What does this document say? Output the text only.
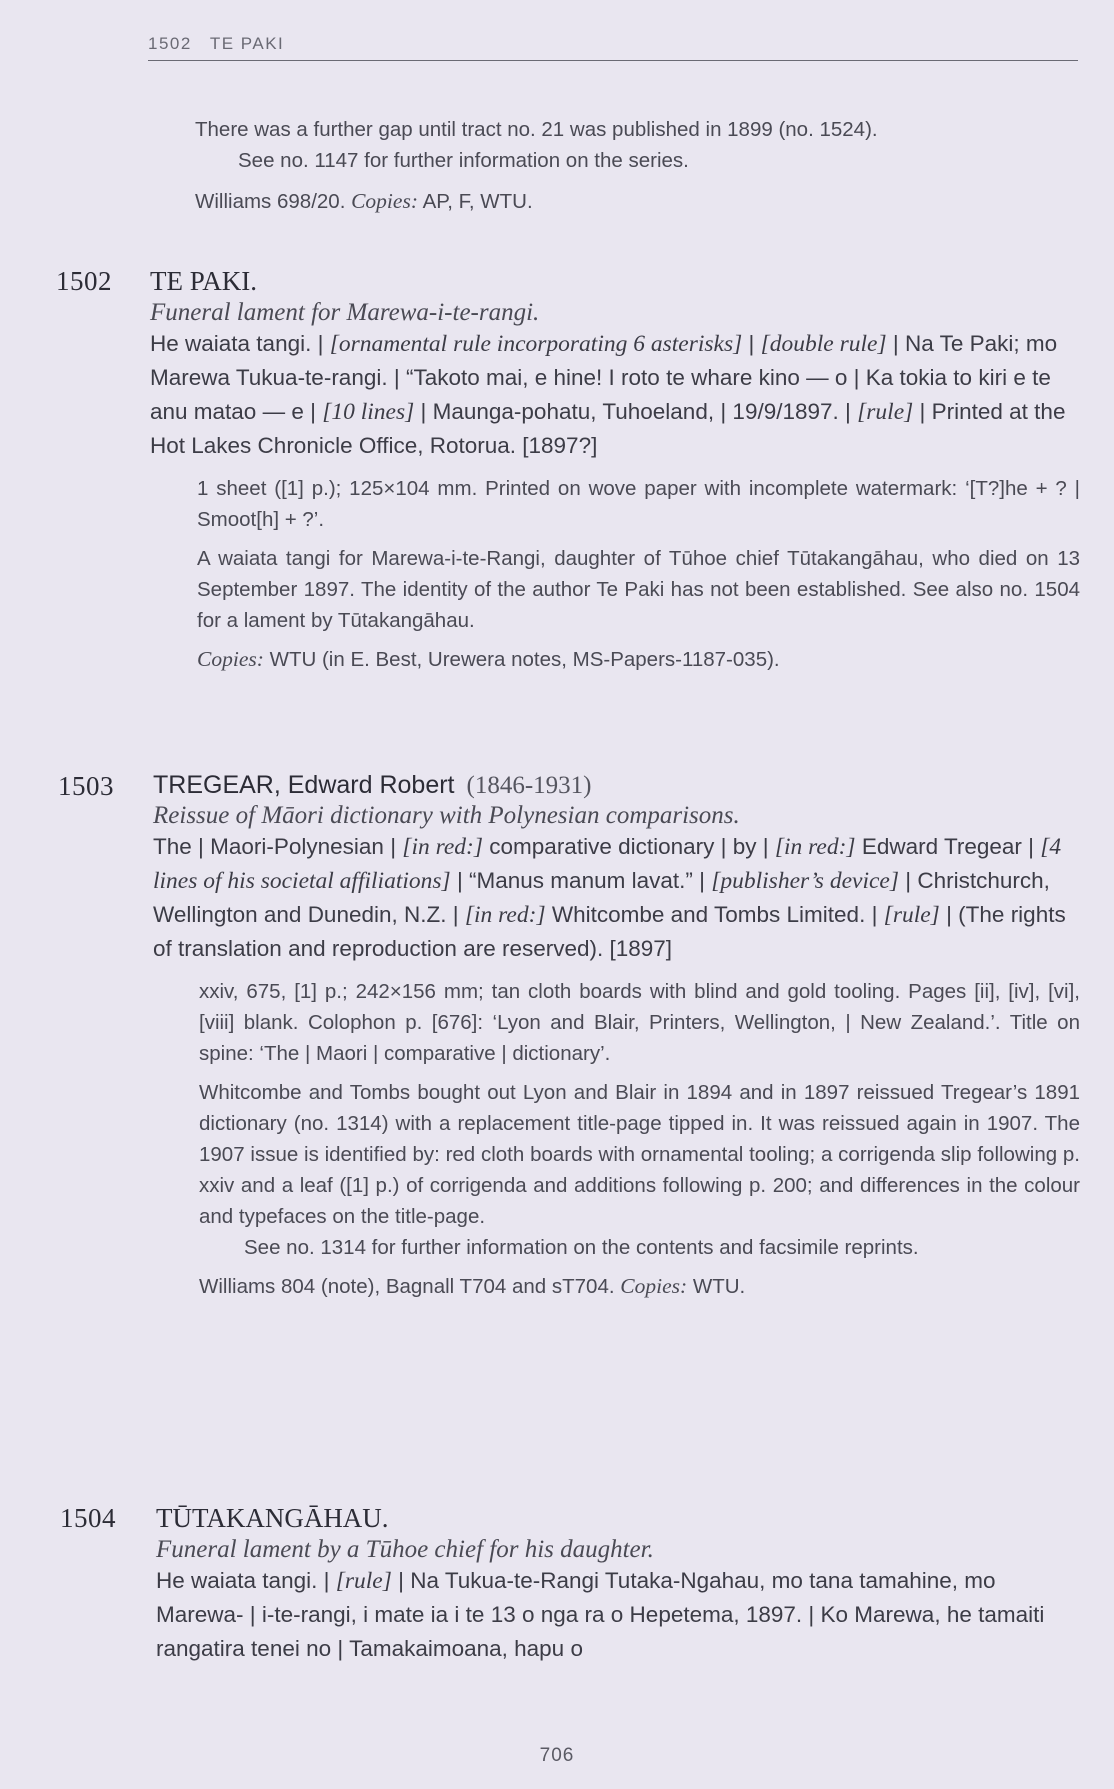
1502 TE PAKI
There was a further gap until tract no. 21 was published in 1899 (no. 1524).
See no. 1147 for further information on the series.
Williams 698/20. Copies: AP, F, WTU.
1502 TE PAKI.
Funeral lament for Marewa-i-te-rangi.
He waiata tangi. | [ornamental rule incorporating 6 asterisks] | [double rule] | Na Te Paki; mo Marewa Tukua-te-rangi. | “Takoto mai, e hine! I roto te whare kino — o | Ka tokia to kiri e te anu matao — e | [10 lines] | Maunga-pohatu, Tuhoeland, | 19/9/1897. | [rule] | Printed at the Hot Lakes Chronicle Office, Rotorua. [1897?]
1 sheet ([1] p.); 125×104 mm. Printed on wove paper with incomplete watermark: ‘[T?]he + ? | Smoot[h] + ?’.
A waiata tangi for Marewa-i-te-Rangi, daughter of Tūhoe chief Tūtakangāhau, who died on 13 September 1897. The identity of the author Te Paki has not been established. See also no. 1504 for a lament by Tūtakangāhau.
Copies: WTU (in E. Best, Urewera notes, MS-Papers-1187-035).
1503 TREGEAR, Edward Robert (1846-1931)
Reissue of Māori dictionary with Polynesian comparisons.
The | Maori-Polynesian | [in red:] comparative dictionary | by | [in red:] Edward Tregear | [4 lines of his societal affiliations] | “Manus manum lavat.” | [publisher’s device] | Christchurch, Wellington and Dunedin, N.Z. | [in red:] Whitcombe and Tombs Limited. | [rule] | (The rights of translation and reproduction are reserved). [1897]
xxiv, 675, [1] p.; 242×156 mm; tan cloth boards with blind and gold tooling. Pages [ii], [iv], [vi], [viii] blank. Colophon p. [676]: ‘Lyon and Blair, Printers, Wellington, | New Zealand.’. Title on spine: ‘The | Maori | comparative | dictionary’.
Whitcombe and Tombs bought out Lyon and Blair in 1894 and in 1897 reissued Tregear’s 1891 dictionary (no. 1314) with a replacement title-page tipped in. It was reissued again in 1907. The 1907 issue is identified by: red cloth boards with ornamental tooling; a corrigenda slip following p. xxiv and a leaf ([1] p.) of corrigenda and additions following p. 200; and differences in the colour and typefaces on the title-page.
See no. 1314 for further information on the contents and facsimile reprints.
Williams 804 (note), Bagnall T704 and sT704. Copies: WTU.
1504 TŪTAKANGĀHAU.
Funeral lament by a Tūhoe chief for his daughter.
He waiata tangi. | [rule] | Na Tukua-te-Rangi Tutaka-Ngahau, mo tana tamahine, mo Marewa- | i-te-rangi, i mate ia i te 13 o nga ra o Hepetema, 1897. | Ko Marewa, he tamaiti rangatira tenei no | Tamakaimoana, hapu o
706
